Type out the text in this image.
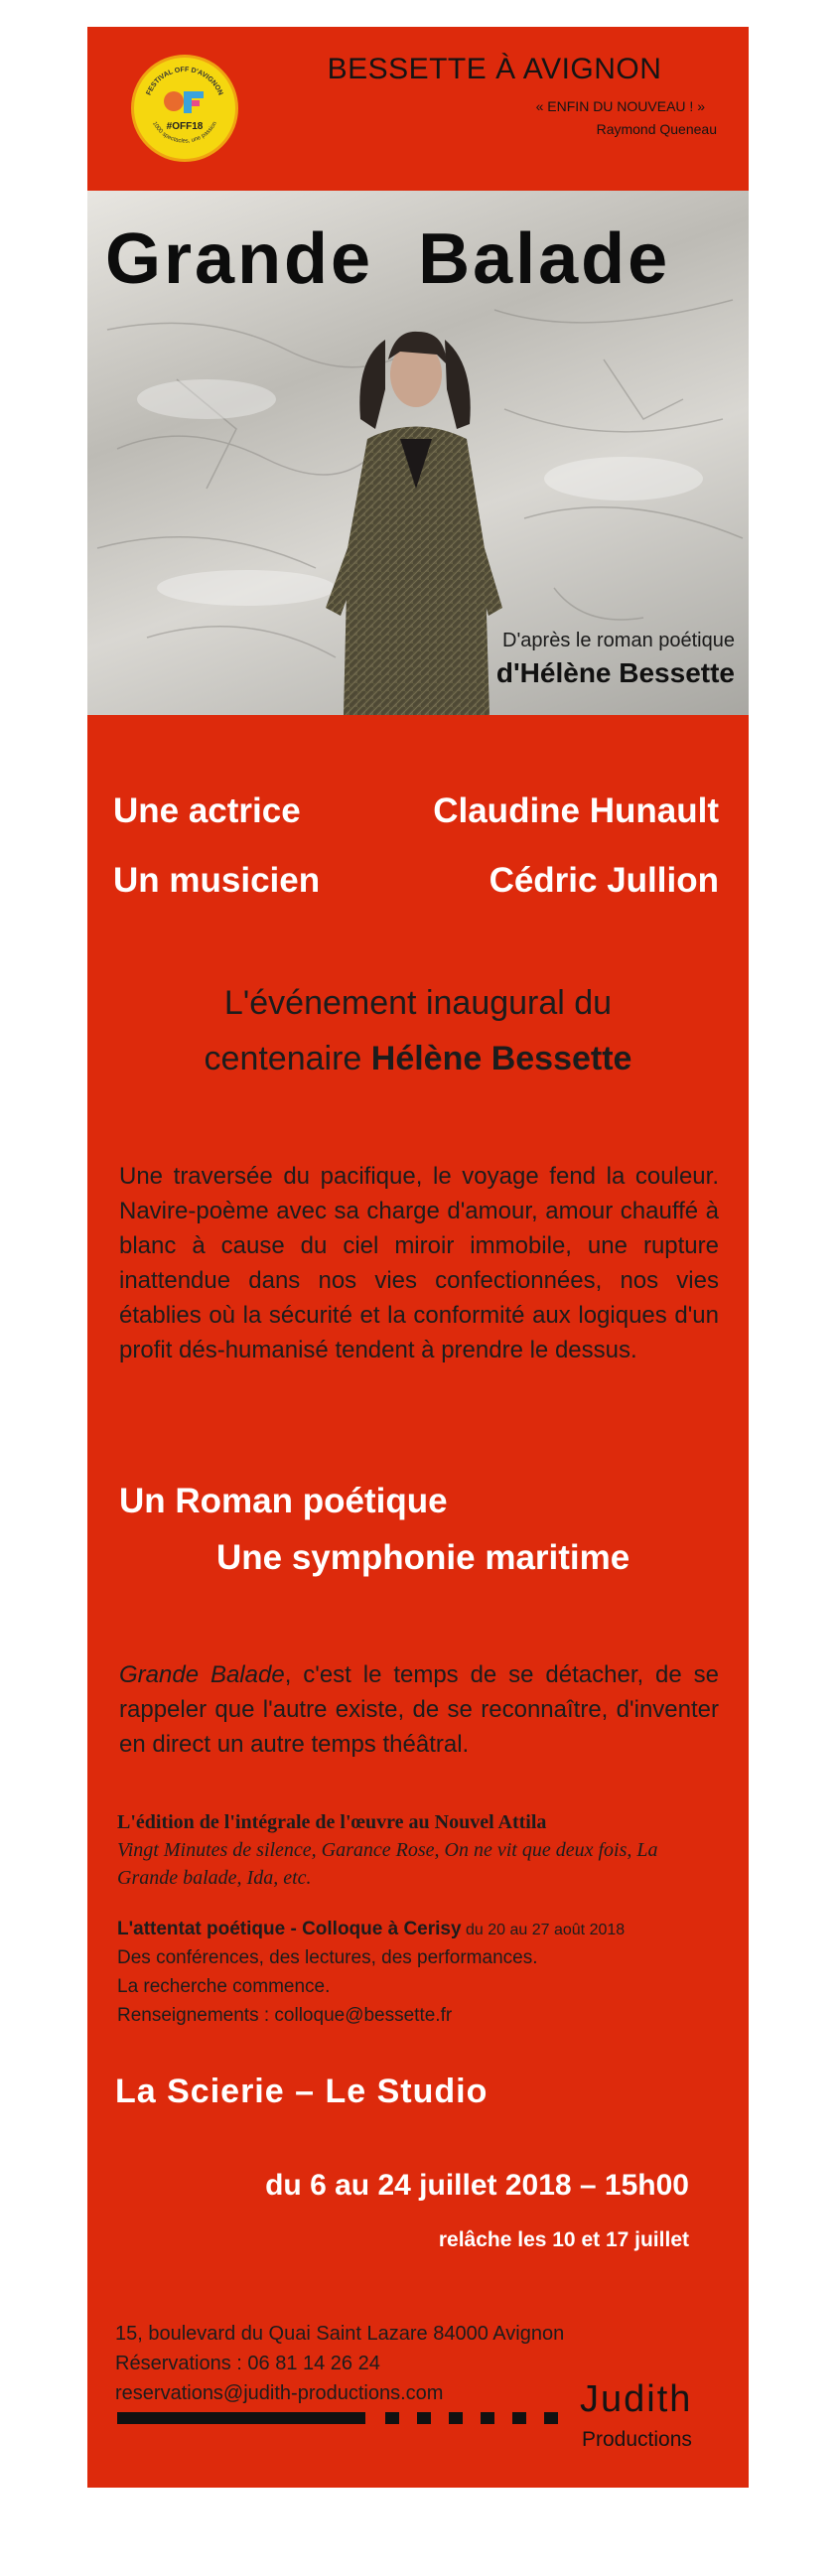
FESTIVAL OFF D'AVIGNON
1000 spectacles, une passion
#OFF18
BESSETTE À AVIGNON
« ENFIN DU NOUVEAU ! »
Raymond Queneau
Grande Balade
D'après le roman poétique
d'Hélène Bessette
Une actrice	Claudine Hunault
Un musicien	Cédric Jullion
L'événement inaugural du
centenaire Hélène Bessette
Une traversée du pacifique, le voyage fend la couleur. Navire-poème avec sa charge d'amour, amour chauffé à blanc à cause du ciel miroir immobile, une rupture inattendue dans nos vies confectionnées, nos vies établies où la sécurité et la conformité aux logiques d'un profit dés-humanisé tendent à prendre le dessus.
Un Roman poétique
Une symphonie maritime
Grande Balade, c'est le temps de se détacher, de se rappeler que l'autre existe, de se reconnaître, d'inventer en direct un autre temps théâtral.
L'édition de l'intégrale de l'œuvre au Nouvel Attila
Vingt Minutes de silence, Garance Rose, On ne vit que deux fois, La Grande balade, Ida, etc.
L'attentat poétique - Colloque à Cerisy du 20 au 27 août 2018
Des conférences, des lectures, des performances.
La recherche commence.
Renseignements : colloque@bessette.fr
La Scierie – Le Studio
du 6 au 24 juillet 2018 – 15h00
relâche les 10 et 17 juillet
15, boulevard du Quai Saint Lazare 84000 Avignon
Réservations : 06 81 14 26 24
reservations@judith-productions.com	Judith
Productions
